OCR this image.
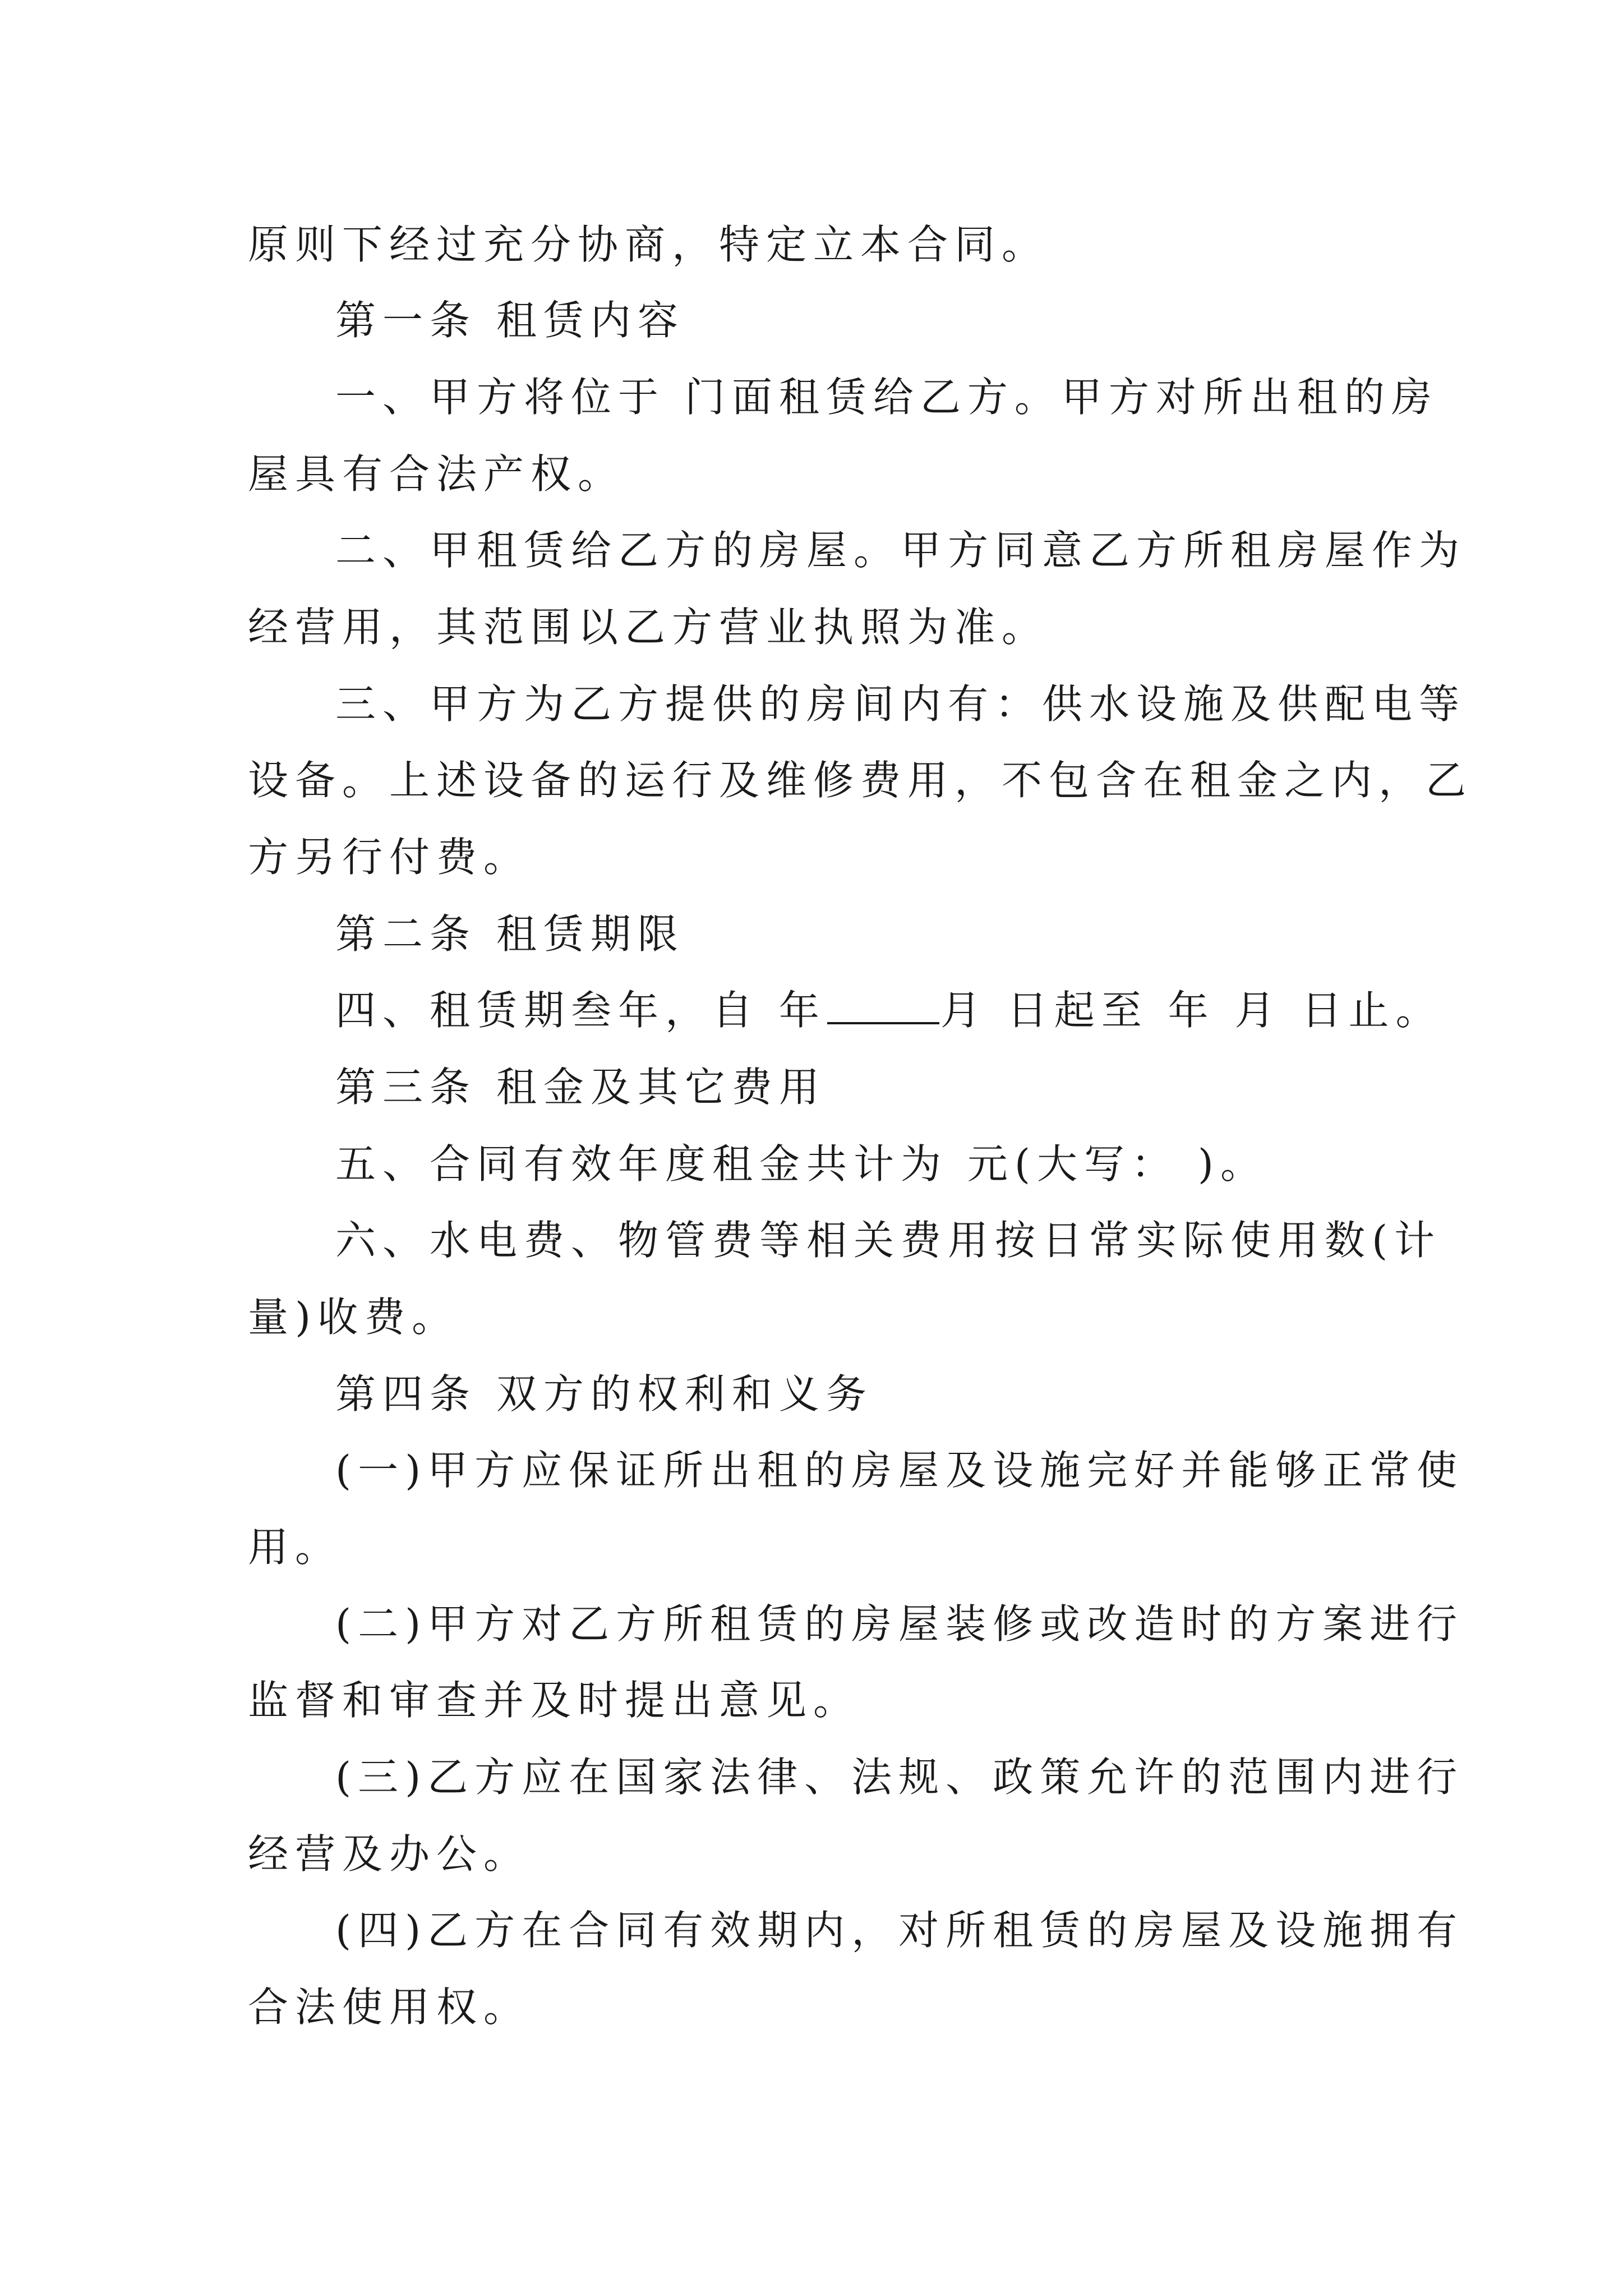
原则下经过充分协商，特定立本合同。
第一条 租赁内容
一、甲方将位于 门面租赁给乙方。甲方对所出租的房
屋具有合法产权。
二、甲租赁给乙方的房屋。甲方同意乙方所租房屋作为
经营用，其范围以乙方营业执照为准。
三、甲方为乙方提供的房间内有：供水设施及供配电等
设备。上述设备的运行及维修费用，不包含在租金之内，乙
方另行付费。
第二条 租赁期限
四、租赁期叁年，自 年	月 日起至 年 月 日止。
第三条 租金及其它费用
五、合同有效年度租金共计为 元(大写： )。
六、水电费、物管费等相关费用按日常实际使用数(计
量)收费。
第四条 双方的权利和义务
(一)甲方应保证所出租的房屋及设施完好并能够正常使
用。
(二)甲方对乙方所租赁的房屋装修或改造时的方案进行
监督和审查并及时提出意见。
(三)乙方应在国家法律、法规、政策允许的范围内进行
经营及办公。
(四)乙方在合同有效期内，对所租赁的房屋及设施拥有
合法使用权。
